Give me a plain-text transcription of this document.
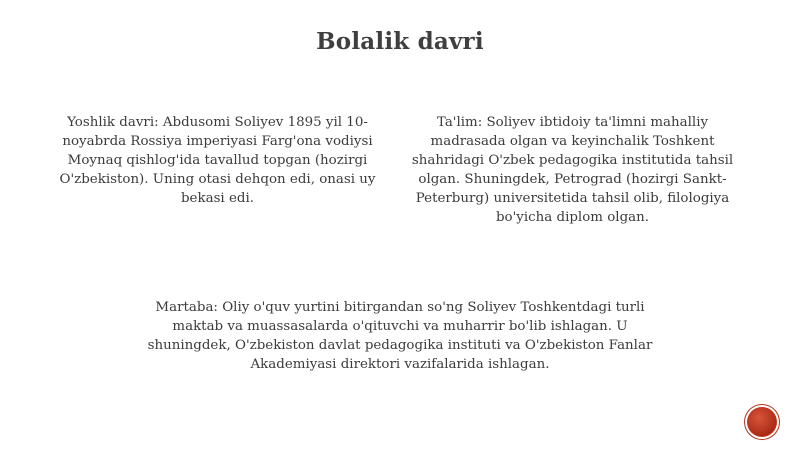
Bolalik davri
Yoshlik davri: Abdusomi Soliyev 1895 yil 10-noyabrda Rossiya imperiyasi Farg'ona vodiysi Moynaq qishlog'ida tavallud topgan (hozirgi O'zbekiston). Uning otasi dehqon edi, onasi uy bekasi edi.
Ta'lim: Soliyev ibtidoiy ta'limni mahalliy madrasada olgan va keyinchalik Toshkent shahridagi O'zbek pedagogika institutida tahsil olgan. Shuningdek, Petrograd (hozirgi Sankt-Peterburg) universitetida tahsil olib, filologiya bo'yicha diplom olgan.
Martaba: Oliy o'quv yurtini bitirgandan so'ng Soliyev Toshkentdagi turli maktab va muassasalarda o'qituvchi va muharrir bo'lib ishlagan. U shuningdek, O'zbekiston davlat pedagogika instituti va O'zbekiston Fanlar Akademiyasi direktori vazifalarida ishlagan.
